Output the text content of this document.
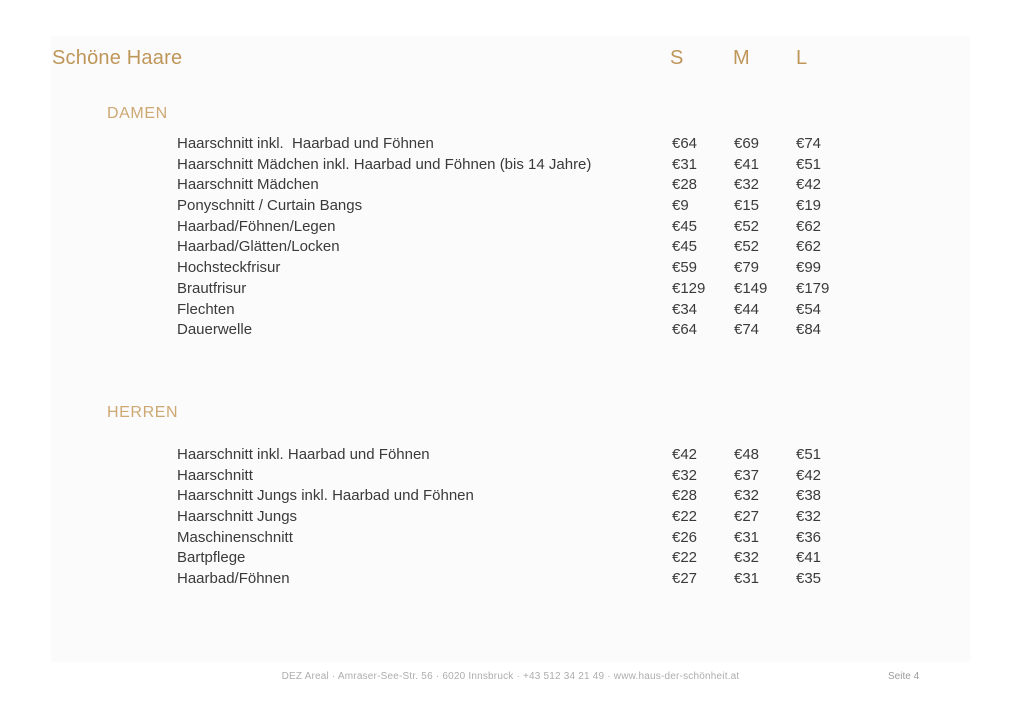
Schöne Haare	S M L
DAMEN
Haarschnitt inkl.  Haarbad und Föhnen	€64 €69 €74
Haarschnitt Mädchen inkl. Haarbad und Föhnen (bis 14 Jahre)	€31 €41 €51
Haarschnitt Mädchen	€28 €32 €42
Ponyschnitt / Curtain Bangs	€9	€15 €19
Haarbad/Föhnen/Legen	€45 €52 €62
Haarbad/Glätten/Locken	€45 €52 €62
Hochsteckfrisur	€59 €79 €99
Brautfrisur	€129 €149 €179
Flechten	€34 €44 €54
Dauerwelle	€64 €74 €84
HERREN
Haarschnitt inkl. Haarbad und Föhnen	€42 €48 €51
Haarschnitt	€32 €37 €42
Haarschnitt Jungs inkl. Haarbad und Föhnen	€28 €32 €38
Haarschnitt Jungs	€22 €27 €32
Maschinenschnitt	€26 €31 €36
Bartpflege	€22 €32 €41
Haarbad/Föhnen	€27 €31 €35
DEZ Areal · Amraser-See-Str. 56 · 6020 Innsbruck · +43 512 34 21 49 · www.haus-der-schönheit.at	Seite 4
